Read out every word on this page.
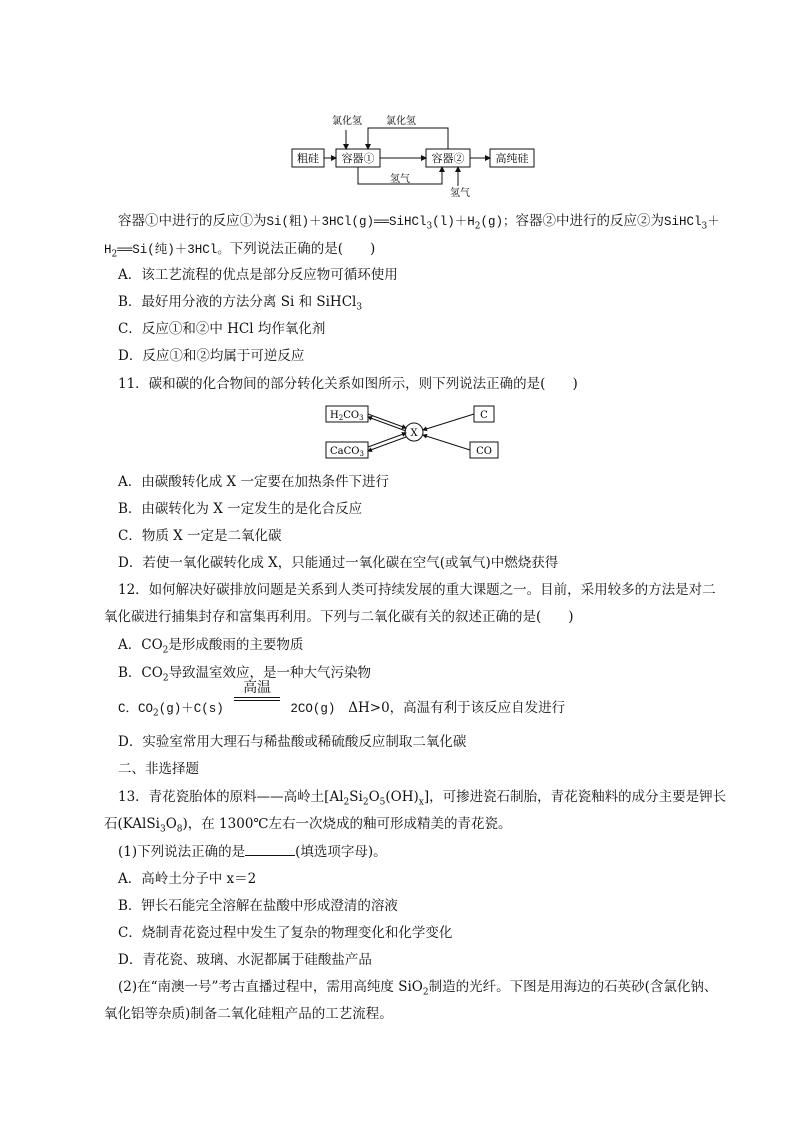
粗硅 容器①	容器②	高纯硅
氯化氢 氯化氢
氢气
氢气
容器①中进行的反应①为Si(粗)$+3HCl(g)══SiHCl_3(l)+H_2(g)$；容器②中进行的反应②为SiHCl$_3$＋
$H_2══Si$(纯)＋3HCl。下列说法正确的是(　　)
A．该工艺流程的优点是部分反应物可循环使用
B．最好用分液的方法分离 Si 和 SiHCl$_3$
C．反应①和②中 HCl 均作氧化剂
D．反应①和②均属于可逆反应
11．碳和碳的化合物间的部分转化关系如图所示，则下列说法正确的是(　　)
$H_2CO_3$
CaCO$_3$
X
C
CO
A．由碳酸转化成 X 一定要在加热条件下进行
B．由碳转化为 X 一定发生的是化合反应
C．物质 X 一定是二氧化碳
D．若使一氧化碳转化成 X，只能通过一氧化碳在空气(或氧气)中燃烧获得
12．如何解决好碳排放问题是关系到人类可持续发展的重大课题之一。目前，采用较多的方法是对二
氧化碳进行捕集封存和富集再利用。下列与二氧化碳有关的叙述正确的是(　　)
A．$CO_2$是形成酸雨的主要物质
B．$CO_2$导致温室效应，是一种大气污染物
C．$CO_2(g)+C(s)$
高温
2CO(g) ΔH>0，高温有利于该反应自发进行
D．实验室常用大理石与稀盐酸或稀硫酸反应制取二氧化碳
二、非选择题
13．青花瓷胎体的原料——高岭土$[Al_2Si_2O_5(OH)_x]$，可掺进瓷石制胎，青花瓷釉料的成分主要是钾长
石$(KAlSi_3O_8)$，在 1300℃左右一次烧成的釉可形成精美的青花瓷。
(1)下列说法正确的是	(填选项字母)。
A．高岭土分子中 x＝2
B．钾长石能完全溶解在盐酸中形成澄清的溶液
C．烧制青花瓷过程中发生了复杂的物理变化和化学变化
D．青花瓷、玻璃、水泥都属于硅酸盐产品
(2)在“南澳一号”考古直播过程中，需用高纯度 SiO$_2$制造的光纤。下图是用海边的石英砂(含氯化钠、
氧化铝等杂质)制备二氧化硅粗产品的工艺流程。
